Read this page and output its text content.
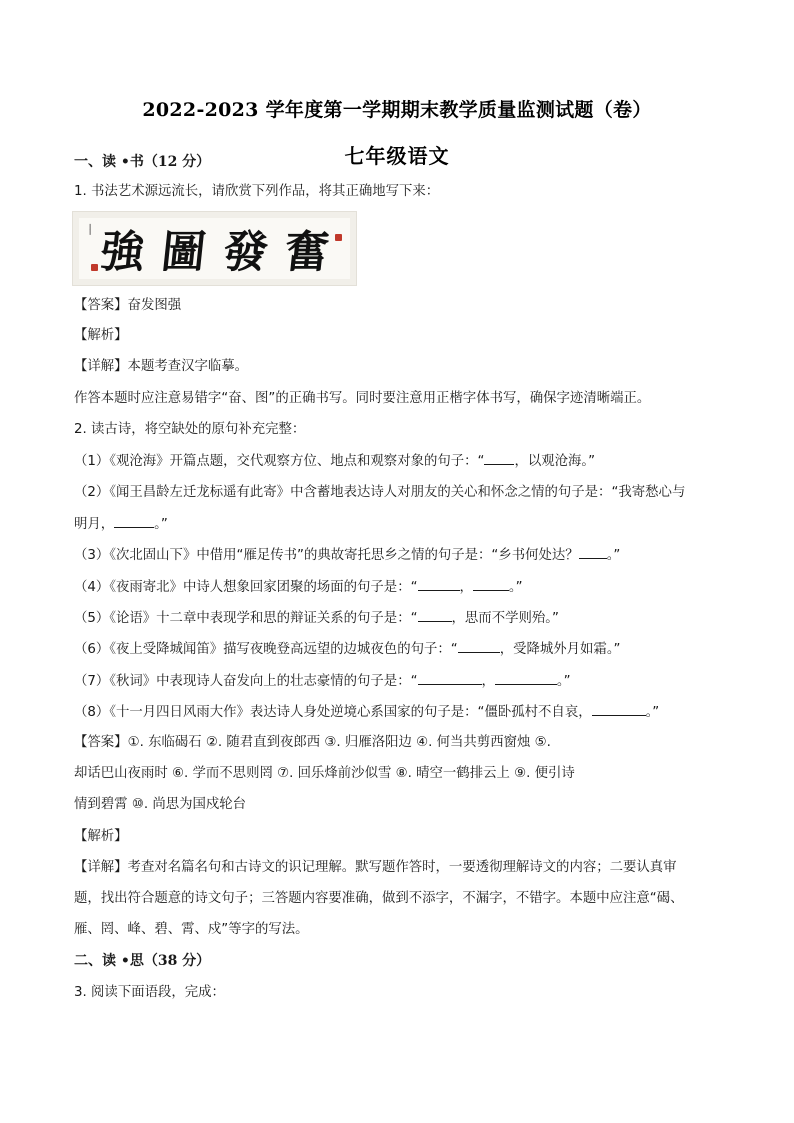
2022-2023 学年度第一学期期末教学质量监测试题（卷）
七年级语文
一、读 •书（12 分）
1. 书法艺术源远流长，请欣赏下列作品，将其正确地写下来：
── 強 圖 發 奮
【答案】奋发图强
【解析】
【详解】本题考查汉字临摹。
作答本题时应注意易错字“奋、图”的正确书写。同时要注意用正楷字体书写，确保字迹清晰端正。
2. 读古诗，将空缺处的原句补充完整：
（1）《观沧海》开篇点题，交代观察方位、地点和观察对象的句子：“ ，以观沧海。”
（2）《闻王昌龄左迁龙标遥有此寄》中含蓄地表达诗人对朋友的关心和怀念之情的句子是：“我寄愁心与
明月，	。”
（3）《次北固山下》中借用“雁足传书”的典故寄托思乡之情的句子是：“乡书何处达？ 。”
（4）《夜雨寄北》中诗人想象回家团聚的场面的句子是：“	，	。”
（5）《论语》十二章中表现学和思的辩证关系的句子是：“	，思而不学则殆。”
（6）《夜上受降城闻笛》描写夜晚登高远望的边城夜色的句子：“	，受降城外月如霜。”
（7）《秋词》中表现诗人奋发向上的壮志豪情的句子是：“	，	。”
（8）《十一月四日风雨大作》表达诗人身处逆境心系国家的句子是：“僵卧孤村不自哀，	。”
【答案】①. 东临碣石 ②. 随君直到夜郎西 ③. 归雁洛阳边 ④. 何当共剪西窗烛 ⑤.
却话巴山夜雨时 ⑥. 学而不思则罔 ⑦. 回乐烽前沙似雪 ⑧. 晴空一鹤排云上 ⑨. 便引诗
情到碧霄 ⑩. 尚思为国戍轮台
【解析】
【详解】考查对名篇名句和古诗文的识记理解。默写题作答时，一要透彻理解诗文的内容；二要认真审
题，找出符合题意的诗文句子；三答题内容要准确，做到不添字，不漏字，不错字。本题中应注意“碣、
雁、罔、峰、碧、霄、戍”等字的写法。
二、读 •思（38 分）
3. 阅读下面语段，完成：
